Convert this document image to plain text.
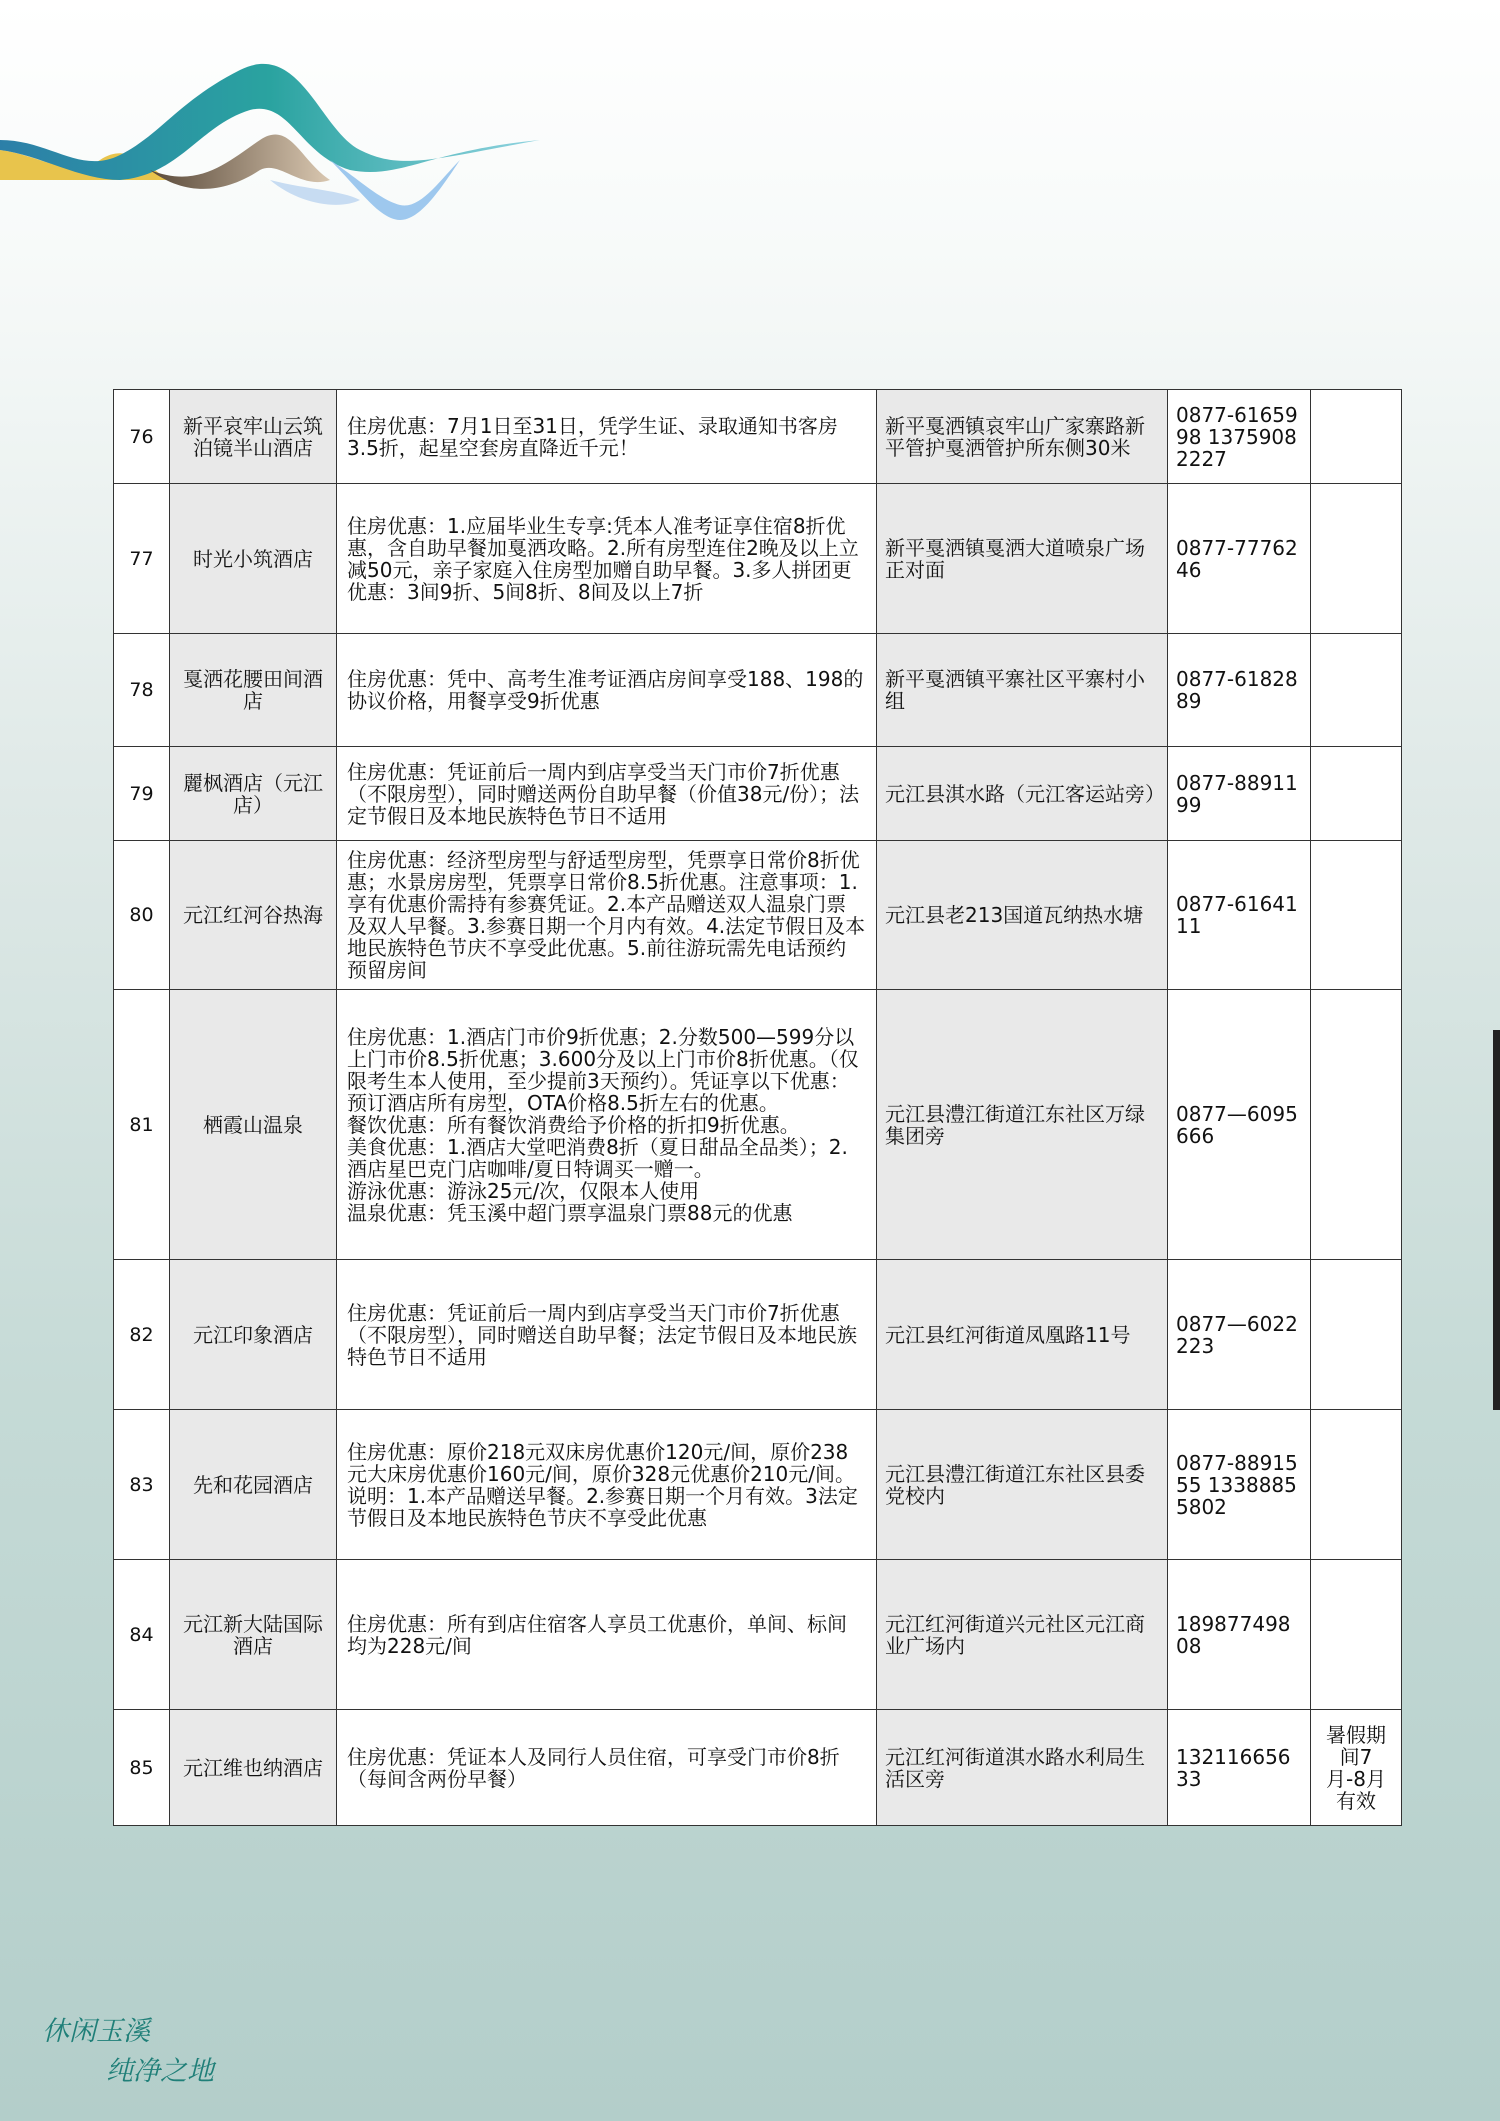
76	新平哀牢山云筑泊镜半山酒店	住房优惠：7月1日至31日，凭学生证、录取通知书客房3.5折，起星空套房直降近千元！	新平戛洒镇哀牢山广家寨路新平管护戛洒管护所东侧30米	0877-6165998 13759082227	
77	时光小筑酒店	住房优惠：1.应届毕业生专享:凭本人准考证享住宿8折优惠，含自助早餐加戛洒攻略。2.所有房型连住2晚及以上立减50元，亲子家庭入住房型加赠自助早餐。3.多人拼团更优惠：3间9折、5间8折、8间及以上7折	新平戛洒镇戛洒大道喷泉广场正对面	0877-7776246	
78	戛洒花腰田间酒店	住房优惠：凭中、高考生准考证酒店房间享受188、198的协议价格，用餐享受9折优惠	新平戛洒镇平寨社区平寨村小组	0877-6182889	
79	麗枫酒店（元江店）	住房优惠：凭证前后一周内到店享受当天门市价7折优惠（不限房型），同时赠送两份自助早餐（价值38元/份）；法定节假日及本地民族特色节日不适用	元江县淇水路（元江客运站旁）	0877-8891199	
80	元江红河谷热海	住房优惠：经济型房型与舒适型房型，凭票享日常价8折优惠；水景房房型，凭票享日常价8.5折优惠。注意事项：1.享有优惠价需持有参赛凭证。2.本产品赠送双人温泉门票及双人早餐。3.参赛日期一个月内有效。4.法定节假日及本地民族特色节庆不享受此优惠。5.前往游玩需先电话预约预留房间	元江县老213国道瓦纳热水塘	0877-6164111	
81	栖霞山温泉	住房优惠：1.酒店门市价9折优惠；2.分数500—599分以上门市价8.5折优惠；3.600分及以上门市价8折优惠。（仅限考生本人使用，至少提前3天预约）。凭证享以下优惠：预订酒店所有房型，OTA价格8.5折左右的优惠。
餐饮优惠：所有餐饮消费给予价格的折扣9折优惠。
美食优惠：1.酒店大堂吧消费8折（夏日甜品全品类）；2.酒店星巴克门店咖啡/夏日特调买一赠一。
游泳优惠：游泳25元/次，仅限本人使用
温泉优惠：凭玉溪中超门票享温泉门票88元的优惠	元江县澧江街道江东社区万绿集团旁	0877—6095666	
82	元江印象酒店	住房优惠：凭证前后一周内到店享受当天门市价7折优惠（不限房型），同时赠送自助早餐；法定节假日及本地民族特色节日不适用	元江县红河街道凤凰路11号	0877—6022223	
83	先和花园酒店	住房优惠：原价218元双床房优惠价120元/间，原价238元大床房优惠价160元/间，原价328元优惠价210元/间。说明：1.本产品赠送早餐。2.参赛日期一个月有效。3法定节假日及本地民族特色节庆不享受此优惠	元江县澧江街道江东社区县委党校内	0877-8891555 13388855802	
84	元江新大陆国际酒店	住房优惠：所有到店住宿客人享员工优惠价，单间、标间均为228元/间	元江红河街道兴元社区元江商业广场内	18987749808	
85	元江维也纳酒店	住房优惠：凭证本人及同行人员住宿，可享受门市价8折（每间含两份早餐）	元江红河街道淇水路水利局生活区旁	13211665633	暑假期间7月-8月有效
休闲玉溪
纯净之地
